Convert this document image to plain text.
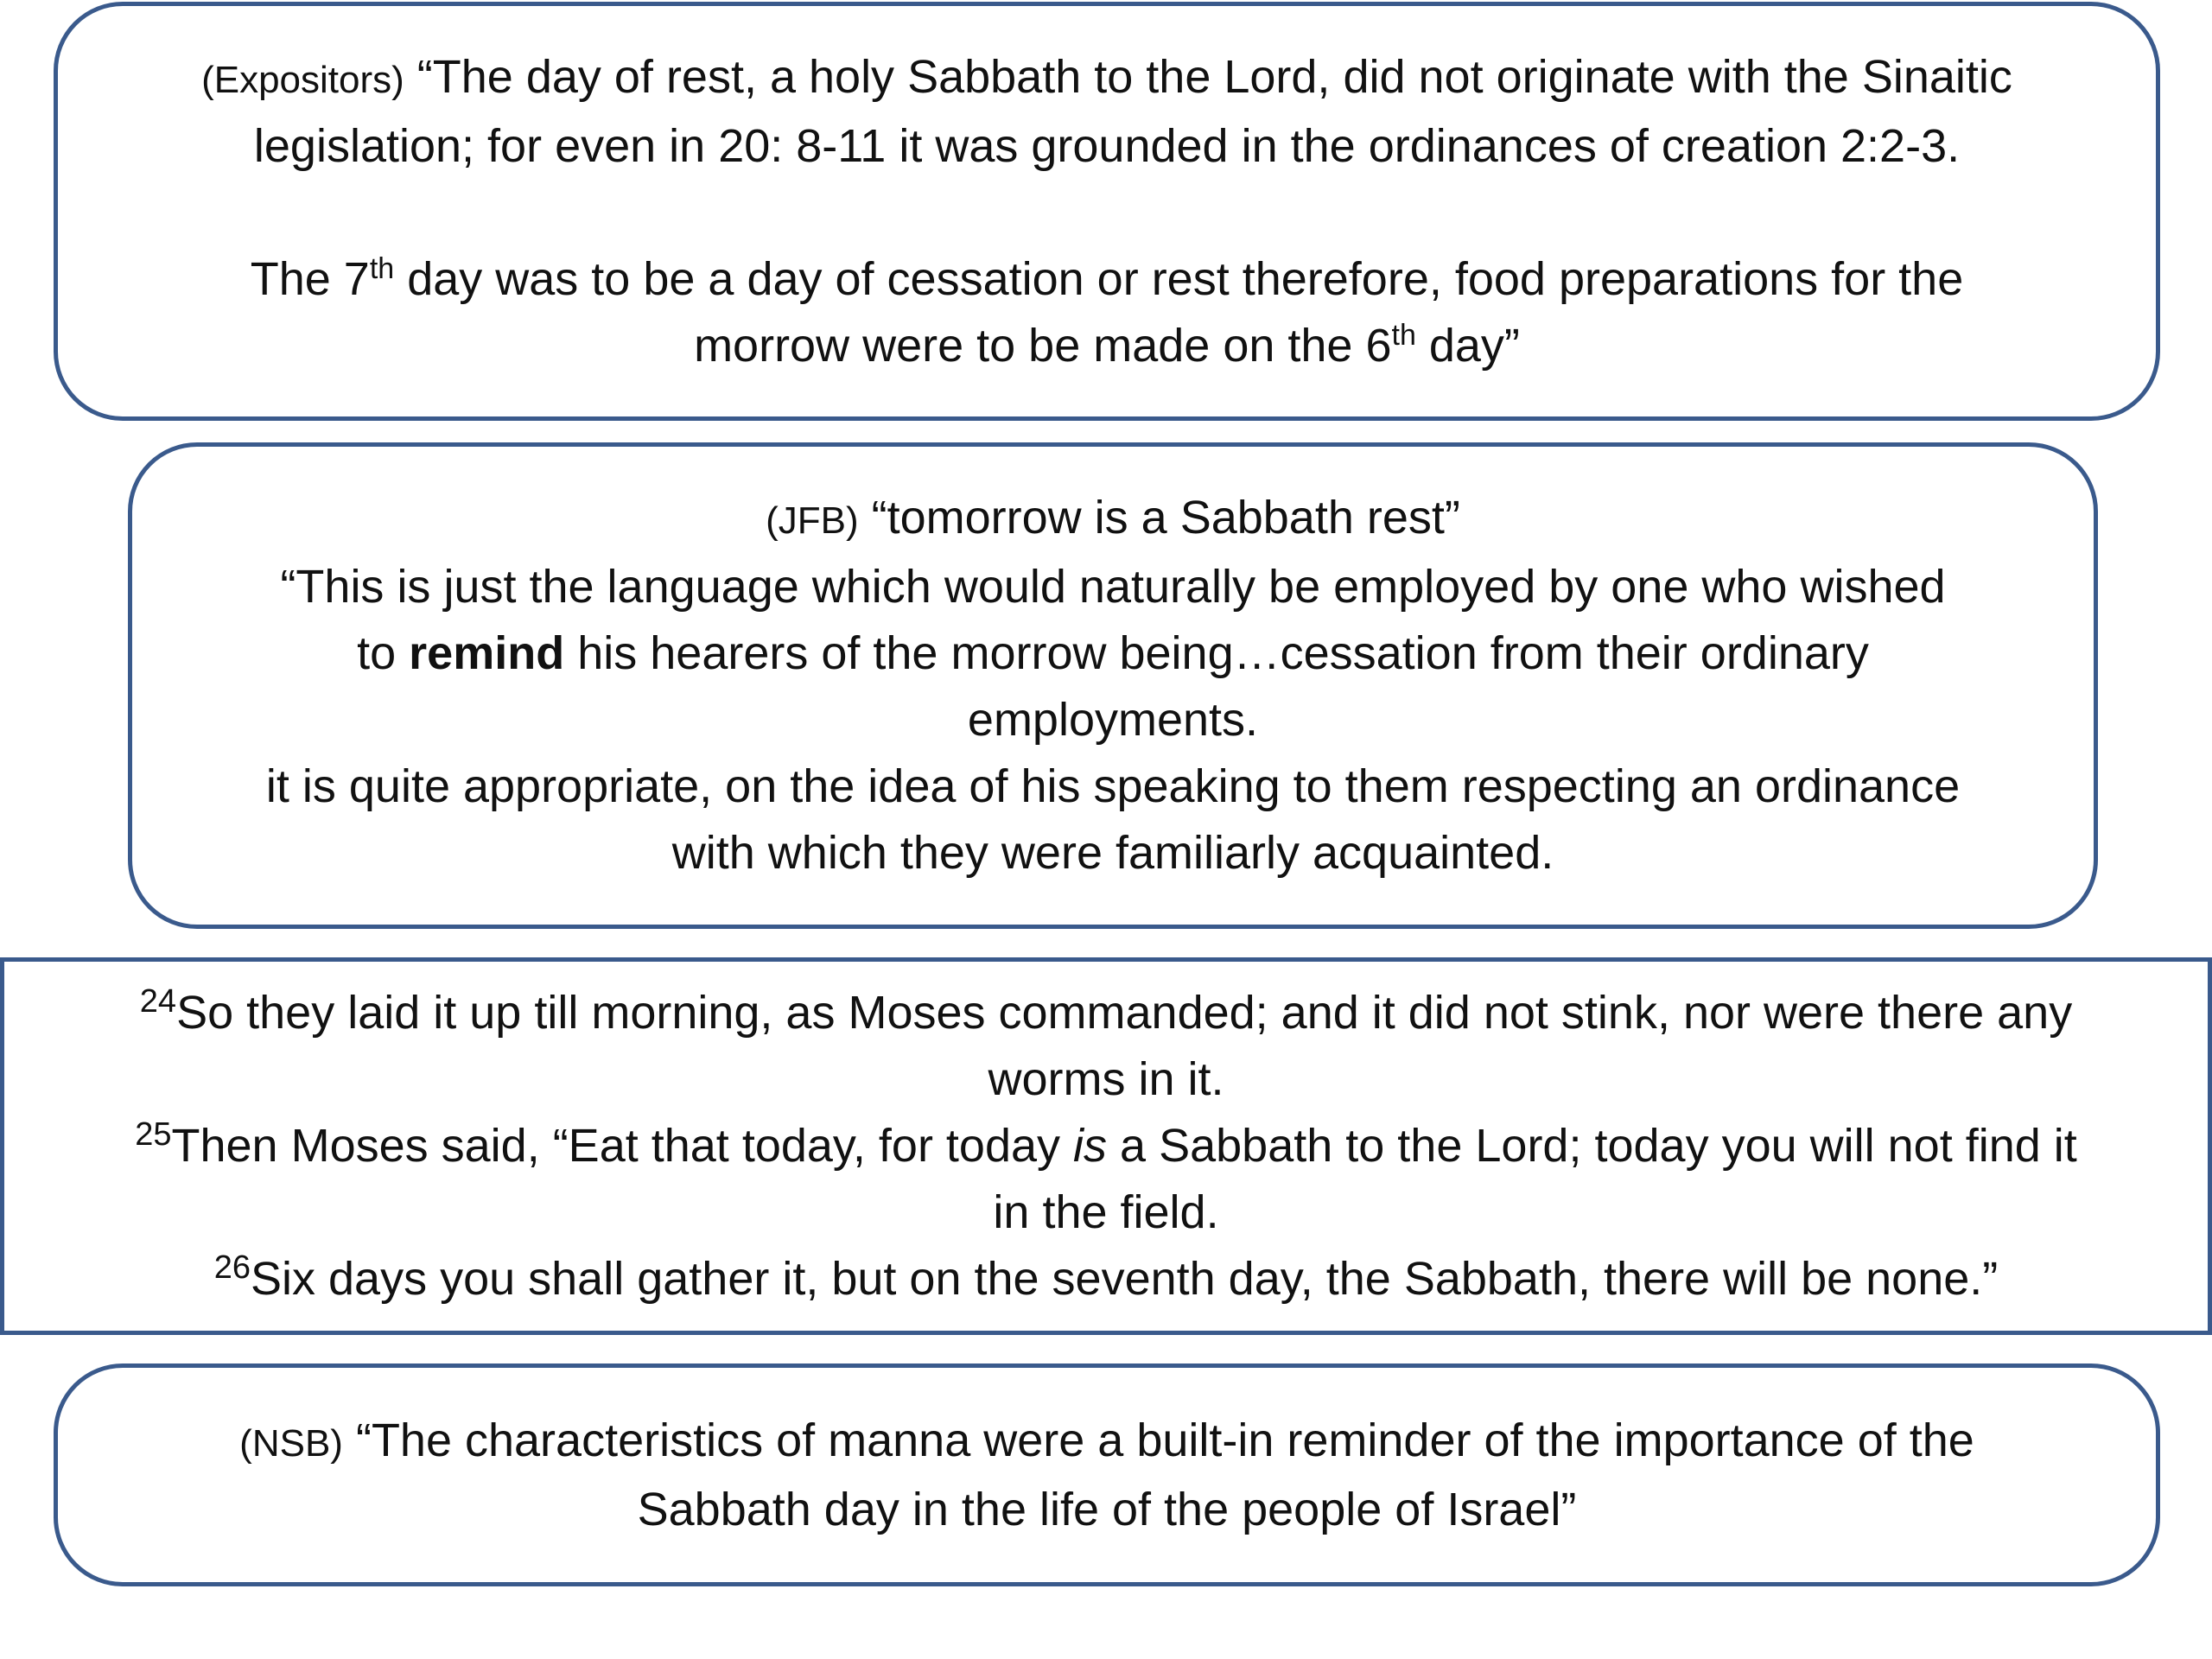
(Expositors) “The day of rest, a holy Sabbath to the Lord, did not originate with the Sinaitic
legislation; for even in 20: 8-11 it was grounded in the ordinances of creation 2:2-3.
The 7th day was to be a day of cessation or rest therefore, food preparations for the
morrow were to be made on the 6th day”
(JFB) “tomorrow is a Sabbath rest”
“This is just the language which would naturally be employed by one who wished
to remind his hearers of the morrow being…cessation from their ordinary
employments.
it is quite appropriate, on the idea of his speaking to them respecting an ordinance
with which they were familiarly acquainted.
$^{24}$So they laid it up till morning, as Moses commanded; and it did not stink, nor were there any
worms in it.
$^{25}$Then Moses said, “Eat that today, for today is a Sabbath to the Lord; today you will not find it
in the field.
$^{26}$Six days you shall gather it, but on the seventh day, the Sabbath, there will be none.”
(NSB) “The characteristics of manna were a built-in reminder of the importance of the
Sabbath day in the life of the people of Israel”
